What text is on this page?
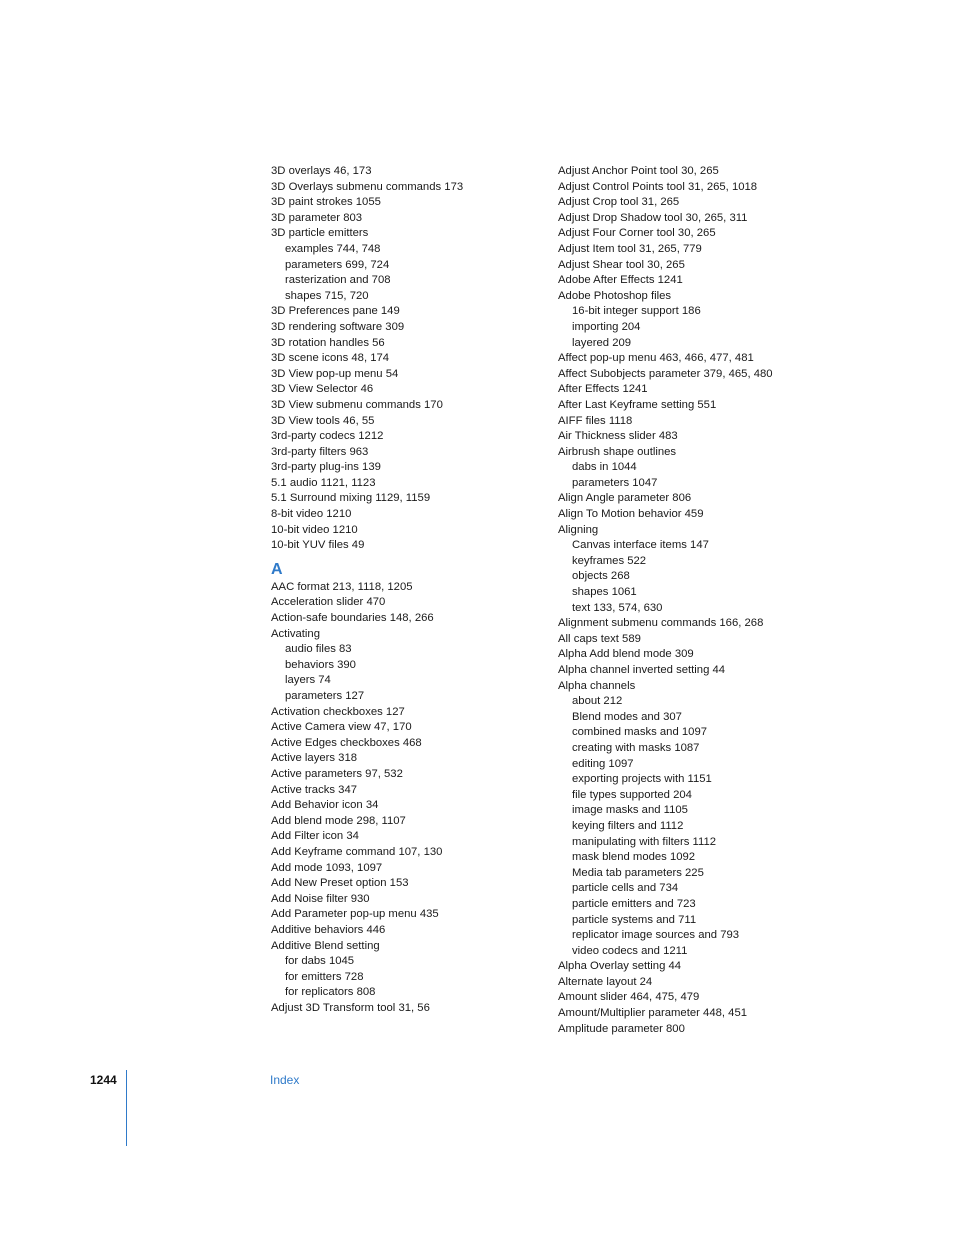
3D overlays 46, 173
3D Overlays submenu commands 173
3D paint strokes 1055
3D parameter 803
3D particle emitters
examples 744, 748
parameters 699, 724
rasterization and 708
shapes 715, 720
3D Preferences pane 149
3D rendering software 309
3D rotation handles 56
3D scene icons 48, 174
3D View pop-up menu 54
3D View Selector 46
3D View submenu commands 170
3D View tools 46, 55
3rd-party codecs 1212
3rd-party filters 963
3rd-party plug-ins 139
5.1 audio 1121, 1123
5.1 Surround mixing 1129, 1159
8-bit video 1210
10-bit video 1210
10-bit YUV files 49
A
AAC format 213, 1118, 1205
Acceleration slider 470
Action-safe boundaries 148, 266
Activating
audio files 83
behaviors 390
layers 74
parameters 127
Activation checkboxes 127
Active Camera view 47, 170
Active Edges checkboxes 468
Active layers 318
Active parameters 97, 532
Active tracks 347
Add Behavior icon 34
Add blend mode 298, 1107
Add Filter icon 34
Add Keyframe command 107, 130
Add mode 1093, 1097
Add New Preset option 153
Add Noise filter 930
Add Parameter pop-up menu 435
Additive behaviors 446
Additive Blend setting
for dabs 1045
for emitters 728
for replicators 808
Adjust 3D Transform tool 31, 56
Adjust Anchor Point tool 30, 265
Adjust Control Points tool 31, 265, 1018
Adjust Crop tool 31, 265
Adjust Drop Shadow tool 30, 265, 311
Adjust Four Corner tool 30, 265
Adjust Item tool 31, 265, 779
Adjust Shear tool 30, 265
Adobe After Effects 1241
Adobe Photoshop files
16-bit integer support 186
importing 204
layered 209
Affect pop-up menu 463, 466, 477, 481
Affect Subobjects parameter 379, 465, 480
After Effects 1241
After Last Keyframe setting 551
AIFF files 1118
Air Thickness slider 483
Airbrush shape outlines
dabs in 1044
parameters 1047
Align Angle parameter 806
Align To Motion behavior 459
Aligning
Canvas interface items 147
keyframes 522
objects 268
shapes 1061
text 133, 574, 630
Alignment submenu commands 166, 268
All caps text 589
Alpha Add blend mode 309
Alpha channel inverted setting 44
Alpha channels
about 212
Blend modes and 307
combined masks and 1097
creating with masks 1087
editing 1097
exporting projects with 1151
file types supported 204
image masks and 1105
keying filters and 1112
manipulating with filters 1112
mask blend modes 1092
Media tab parameters 225
particle cells and 734
particle emitters and 723
particle systems and 711
replicator image sources and 793
video codecs and 1211
Alpha Overlay setting 44
Alternate layout 24
Amount slider 464, 475, 479
Amount/Multiplier parameter 448, 451
Amplitude parameter 800
1244	Index
